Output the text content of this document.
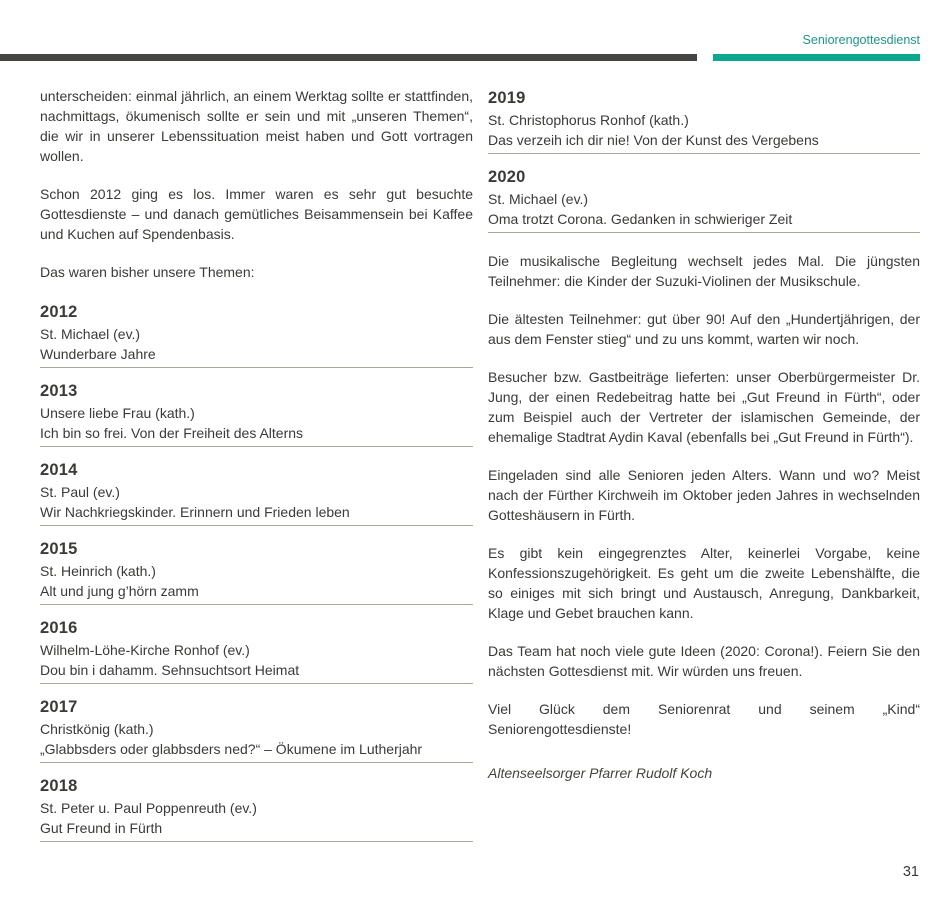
Seniorengottesdienst

unterscheiden: einmal jährlich, an einem Werktag sollte er stattfinden, nachmittags, ökumenisch sollte er sein und mit „unseren Themen“, die wir in unserer Lebenssituation meist haben und Gott vortragen wollen.

Schon 2012 ging es los. Immer waren es sehr gut besuchte Gottesdienste – und danach gemütliches Beisammensein bei Kaffee und Kuchen auf Spendenbasis.

Das waren bisher unsere Themen:

2012
St. Michael (ev.)
Wunderbare Jahre
2013
Unsere liebe Frau (kath.)
Ich bin so frei. Von der Freiheit des Alterns
2014
St. Paul (ev.)
Wir Nachkriegskinder. Erinnern und Frieden leben
2015
St. Heinrich (kath.)
Alt und jung g’hörn zamm
2016
Wilhelm-Löhe-Kirche Ronhof (ev.)
Dou bin i dahamm. Sehnsuchtsort Heimat
2017
Christkönig (kath.)
„Glabbsders oder glabbsders ned?“ – Ökumene im Lutherjahr
2018
St. Peter u. Paul Poppenreuth (ev.)
Gut Freund in Fürth
2019
St. Christophorus Ronhof (kath.)
Das verzeih ich dir nie! Von der Kunst des Vergebens
2020
St. Michael (ev.)
Oma trotzt Corona. Gedanken in schwieriger Zeit

Die musikalische Begleitung wechselt jedes Mal. Die jüngsten Teilnehmer: die Kinder der Suzuki-Violinen der Musikschule.

Die ältesten Teilnehmer: gut über 90! Auf den „Hundertjährigen, der aus dem Fenster stieg“ und zu uns kommt, warten wir noch.

Besucher bzw. Gastbeiträge lieferten: unser Oberbürgermeister Dr. Jung, der einen Redebeitrag hatte bei „Gut Freund in Fürth“, oder zum Beispiel auch der Vertreter der islamischen Gemeinde, der ehemalige Stadtrat Aydin Kaval (ebenfalls bei „Gut Freund in Fürth“).

Eingeladen sind alle Senioren jeden Alters. Wann und wo? Meist nach der Fürther Kirchweih im Oktober jeden Jahres in wechselnden Gotteshäusern in Fürth.

Es gibt kein eingegrenztes Alter, keinerlei Vorgabe, keine Konfessionszugehörigkeit. Es geht um die zweite Lebenshälfte, die so einiges mit sich bringt und Austausch, Anregung, Dankbarkeit, Klage und Gebet brauchen kann.

Das Team hat noch viele gute Ideen (2020: Corona!). Feiern Sie den nächsten Gottesdienst mit. Wir würden uns freuen.

Viel Glück dem Seniorenrat und seinem „Kind“ Seniorengottesdienste!

Altenseelsorger Pfarrer Rudolf Koch

31
